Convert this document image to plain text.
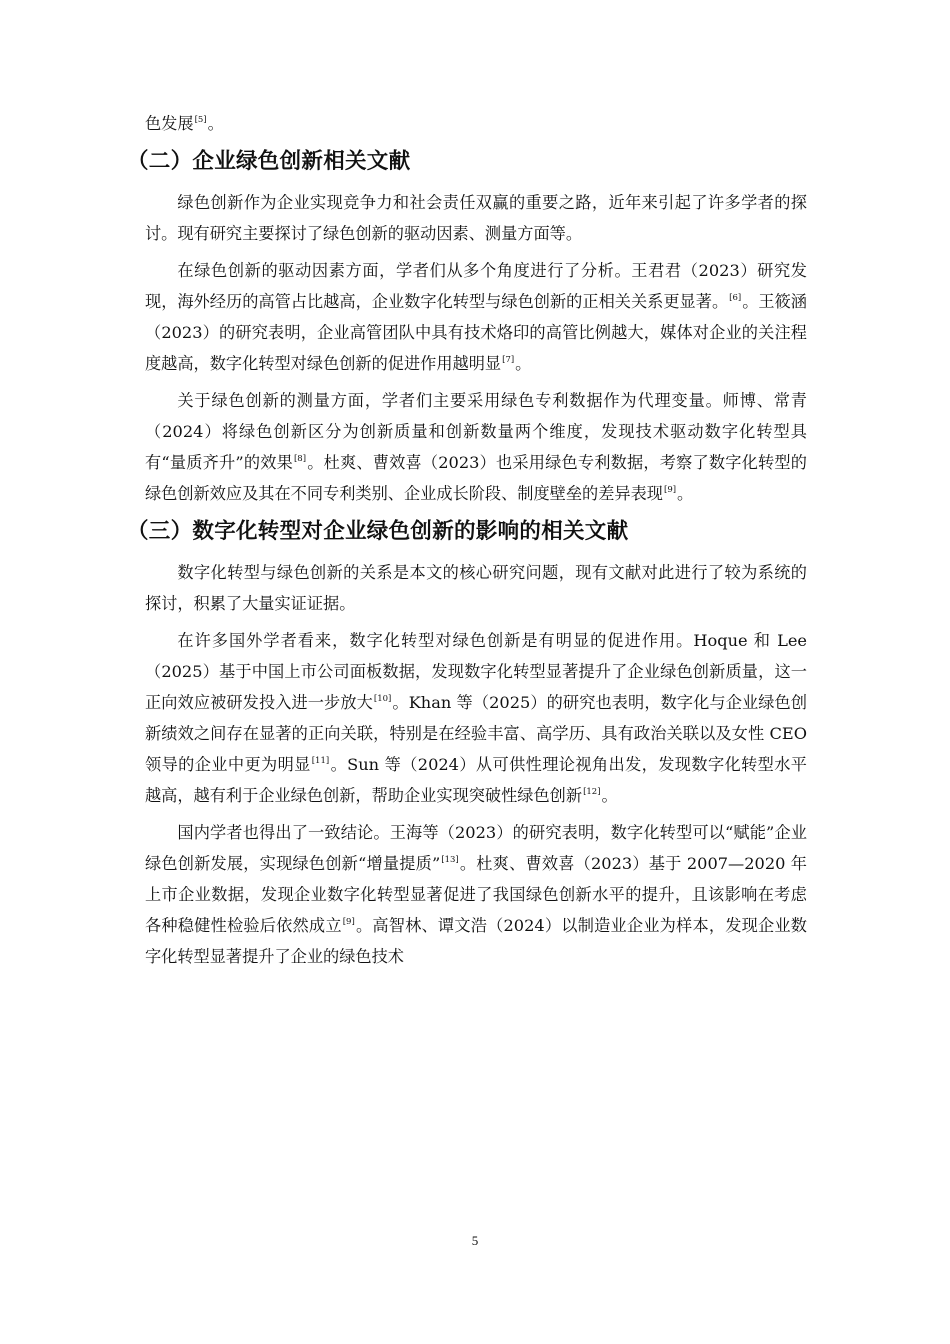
色发展[5]。

（二）企业绿色创新相关文献

绿色创新作为企业实现竞争力和社会责任双赢的重要之路，近年来引起了许多学者的探讨。现有研究主要探讨了绿色创新的驱动因素、测量方面等。

在绿色创新的驱动因素方面，学者们从多个角度进行了分析。王君君（2023）研究发现，海外经历的高管占比越高，企业数字化转型与绿色创新的正相关关系更显著。[6]。王筱涵（2023）的研究表明，企业高管团队中具有技术烙印的高管比例越大，媒体对企业的关注程度越高，数字化转型对绿色创新的促进作用越明显[7]。

关于绿色创新的测量方面，学者们主要采用绿色专利数据作为代理变量。师博、常青（2024）将绿色创新区分为创新质量和创新数量两个维度，发现技术驱动数字化转型具有“量质齐升”的效果[8]。杜爽、曹效喜（2023）也采用绿色专利数据，考察了数字化转型的绿色创新效应及其在不同专利类别、企业成长阶段、制度壁垒的差异表现[9]。

（三）数字化转型对企业绿色创新的影响的相关文献

数字化转型与绿色创新的关系是本文的核心研究问题，现有文献对此进行了较为系统的探讨，积累了大量实证证据。

在许多国外学者看来，数字化转型对绿色创新是有明显的促进作用。Hoque 和 Lee（2025）基于中国上市公司面板数据，发现数字化转型显著提升了企业绿色创新质量，这一正向效应被研发投入进一步放大[10]。Khan 等（2025）的研究也表明，数字化与企业绿色创新绩效之间存在显著的正向关联，特别是在经验丰富、高学历、具有政治关联以及女性 CEO 领导的企业中更为明显[11]。Sun 等（2024）从可供性理论视角出发，发现数字化转型水平越高，越有利于企业绿色创新，帮助企业实现突破性绿色创新[12]。

国内学者也得出了一致结论。王海等（2023）的研究表明，数字化转型可以“赋能”企业绿色创新发展，实现绿色创新“增量提质”[13]。杜爽、曹效喜（2023）基于 2007—2020 年上市企业数据，发现企业数字化转型显著促进了我国绿色创新水平的提升，且该影响在考虑各种稳健性检验后依然成立[9]。高智林、谭文浩（2024）以制造业企业为样本，发现企业数字化转型显著提升了企业的绿色技术

5
